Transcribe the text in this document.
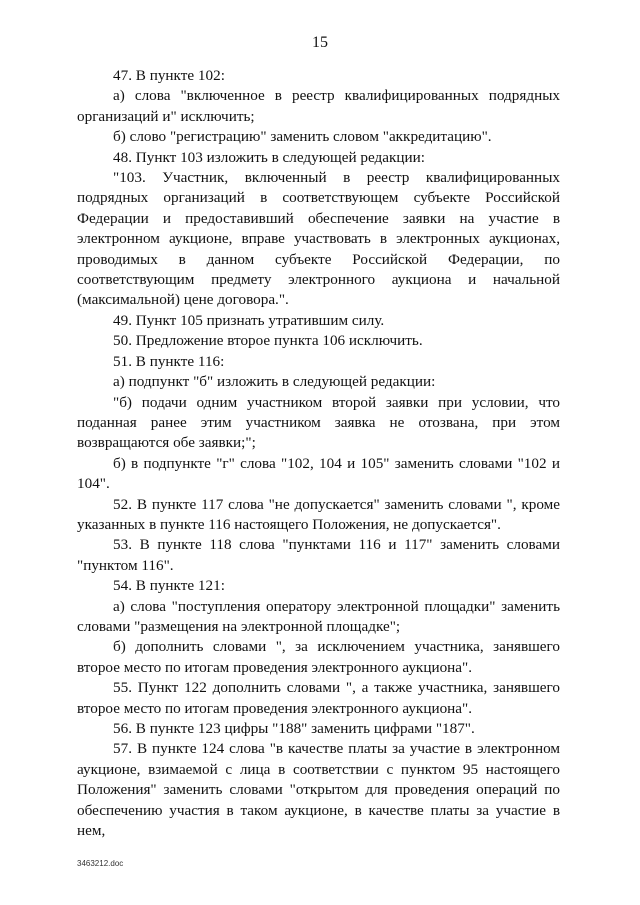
15

47. В пункте 102:

а) слова "включенное в реестр квалифицированных подрядных организаций и" исключить;

б) слово "регистрацию" заменить словом "аккредитацию".

48. Пункт 103 изложить в следующей редакции:

"103. Участник, включенный в реестр квалифицированных подрядных организаций в соответствующем субъекте Российской Федерации и предоставивший обеспечение заявки на участие в электронном аукционе, вправе участвовать в электронных аукционах, проводимых в данном субъекте Российской Федерации, по соответствующим предмету электронного аукциона и начальной (максимальной) цене договора.".

49. Пункт 105 признать утратившим силу.

50. Предложение второе пункта 106 исключить.

51. В пункте 116:

а) подпункт "б" изложить в следующей редакции:

"б) подачи одним участником второй заявки при условии, что поданная ранее этим участником заявка не отозвана, при этом возвращаются обе заявки;";

б) в подпункте "г" слова "102, 104 и 105" заменить словами "102 и 104".

52. В пункте 117 слова "не допускается" заменить словами ", кроме указанных в пункте 116 настоящего Положения, не допускается".

53. В пункте 118 слова "пунктами 116 и 117" заменить словами "пунктом 116".

54. В пункте 121:

а) слова "поступления оператору электронной площадки" заменить словами "размещения на электронной площадке";

б) дополнить словами ", за исключением участника, занявшего второе место по итогам проведения электронного аукциона".

55. Пункт 122 дополнить словами ", а также участника, занявшего второе место по итогам проведения электронного аукциона".

56. В пункте 123 цифры "188" заменить цифрами "187".

57. В пункте 124 слова "в качестве платы за участие в электронном аукционе, взимаемой с лица в соответствии с пунктом 95 настоящего Положения" заменить словами "открытом для проведения операций по обеспечению участия в таком аукционе, в качестве платы за участие в нем,

3463212.doc
